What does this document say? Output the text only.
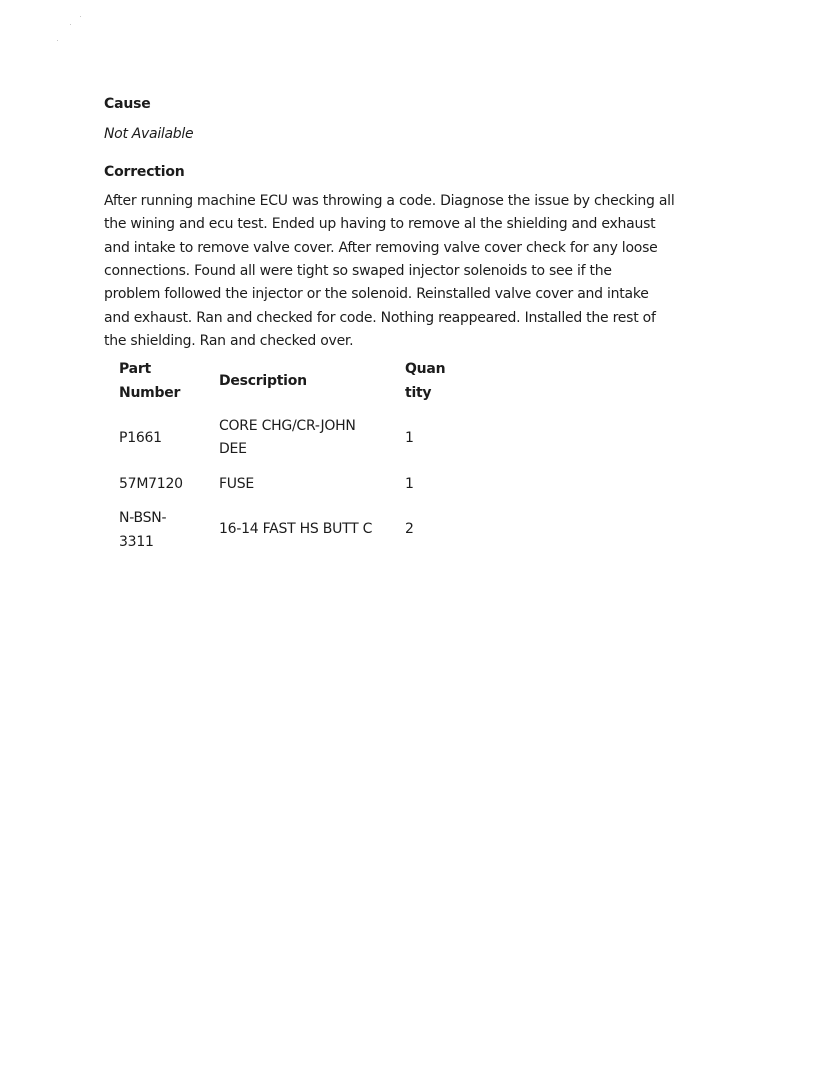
Cause

Not Available

Correction

After running machine ECU was throwing a code. Diagnose the issue by checking all

the wining and ecu test. Ended up having to remove al the shielding and exhaust

and intake to remove valve cover. After removing valve cover check for any loose

connections. Found all were tight so swaped injector solenoids to see if the

problem followed the injector or the solenoid. Reinstalled valve cover and intake

and exhaust. Ran and checked for code. Nothing reappeared. Installed the rest of

the shielding. Ran and checked over.

Part

Number

Description

Quan

tity

P1661

CORE CHG/CR-JOHN

DEE

1

57M7120	FUSE	1

N-BSN-

3311

16-14 FAST HS BUTT C 2
